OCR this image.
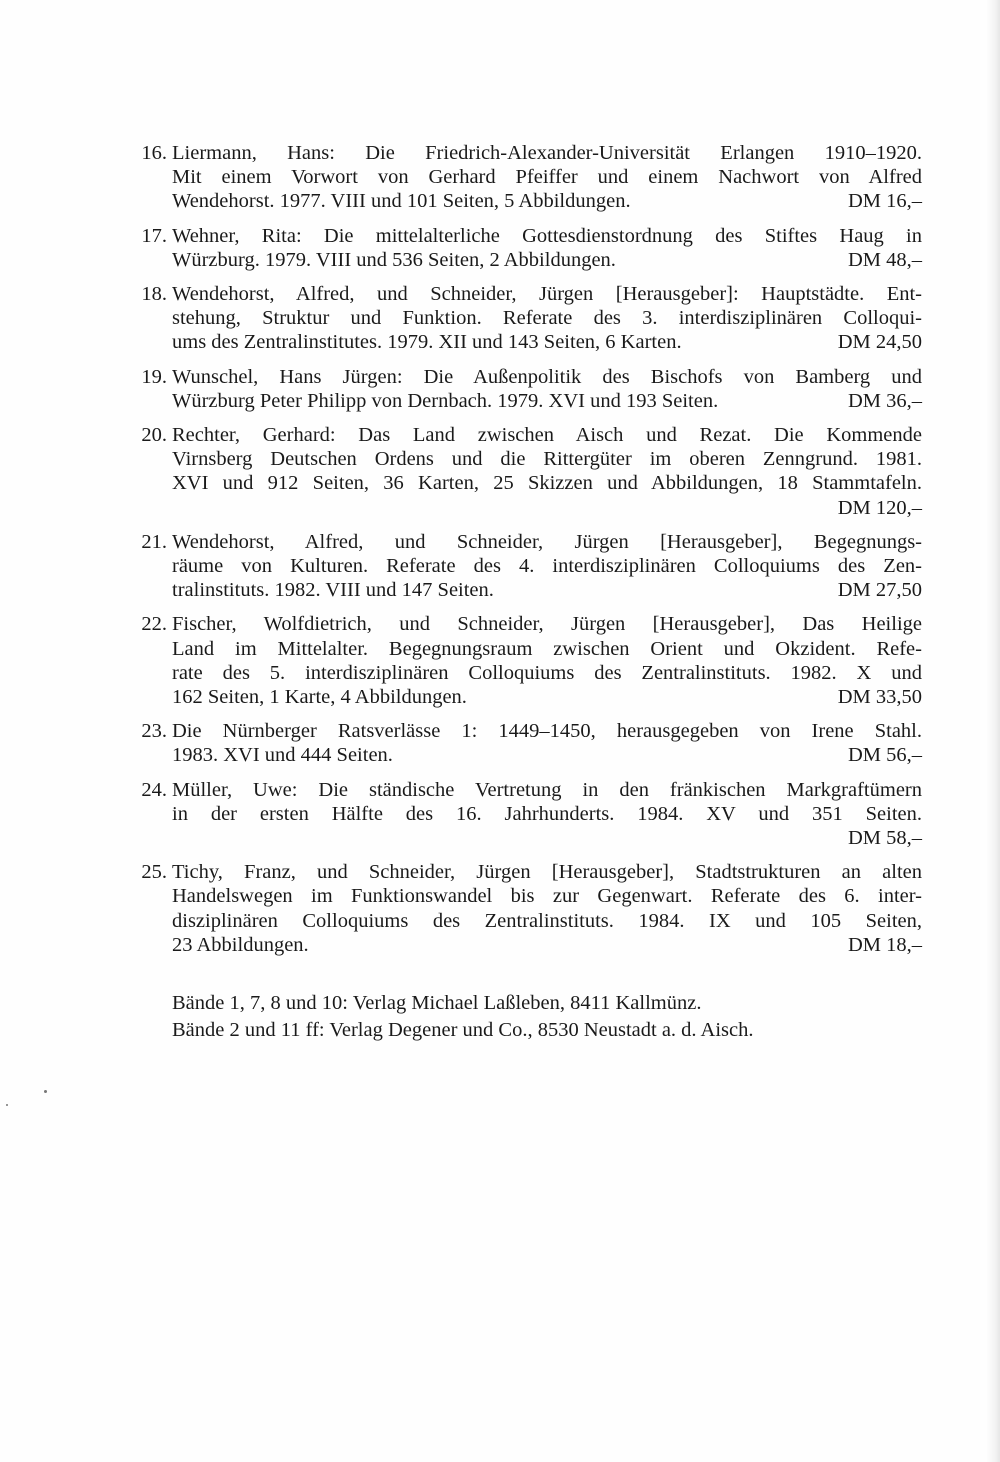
16. Liermann, Hans: Die Friedrich-Alexander-Universität Erlangen 1910–1920.
Mit einem Vorwort von Gerhard Pfeiffer und einem Nachwort von Alfred
Wendehorst. 1977. VIII und 101 Seiten, 5 Abbildungen.	DM 16,–
17. Wehner, Rita: Die mittelalterliche Gottesdienstordnung des Stiftes Haug in
Würzburg. 1979. VIII und 536 Seiten, 2 Abbildungen.	DM 48,–
18. Wendehorst, Alfred, und Schneider, Jürgen [Herausgeber]: Hauptstädte. Ent-
stehung, Struktur und Funktion. Referate des 3. interdisziplinären Colloqui-
ums des Zentralinstitutes. 1979. XII und 143 Seiten, 6 Karten.	DM 24,50
19. Wunschel, Hans Jürgen: Die Außenpolitik des Bischofs von Bamberg und
Würzburg Peter Philipp von Dernbach. 1979. XVI und 193 Seiten.	DM 36,–
20. Rechter, Gerhard: Das Land zwischen Aisch und Rezat. Die Kommende
Virnsberg Deutschen Ordens und die Rittergüter im oberen Zenngrund. 1981.
XVI und 912 Seiten, 36 Karten, 25 Skizzen und Abbildungen, 18 Stammtafeln.
DM 120,–
21. Wendehorst, Alfred, und Schneider, Jürgen [Herausgeber], Begegnungs-
räume von Kulturen. Referate des 4. interdisziplinären Colloquiums des Zen-
tralinstituts. 1982. VIII und 147 Seiten.	DM 27,50
22. Fischer, Wolfdietrich, und Schneider, Jürgen [Herausgeber], Das Heilige
Land im Mittelalter. Begegnungsraum zwischen Orient und Okzident. Refe-
rate des 5. interdisziplinären Colloquiums des Zentralinstituts. 1982. X und
162 Seiten, 1 Karte, 4 Abbildungen.	DM 33,50
23. Die Nürnberger Ratsverlässe 1: 1449–1450, herausgegeben von Irene Stahl.
1983. XVI und 444 Seiten.	DM 56,–
24. Müller, Uwe: Die ständische Vertretung in den fränkischen Markgraftümern
in der ersten Hälfte des 16. Jahrhunderts. 1984. XV und 351 Seiten.
DM 58,–
25. Tichy, Franz, und Schneider, Jürgen [Herausgeber], Stadtstrukturen an alten
Handelswegen im Funktionswandel bis zur Gegenwart. Referate des 6. inter-
disziplinären Colloquiums des Zentralinstituts. 1984. IX und 105 Seiten,
23 Abbildungen.	DM 18,–
Bände 1, 7, 8 und 10: Verlag Michael Laßleben, 8411 Kallmünz.
Bände 2 und 11 ff: Verlag Degener und Co., 8530 Neustadt a. d. Aisch.
